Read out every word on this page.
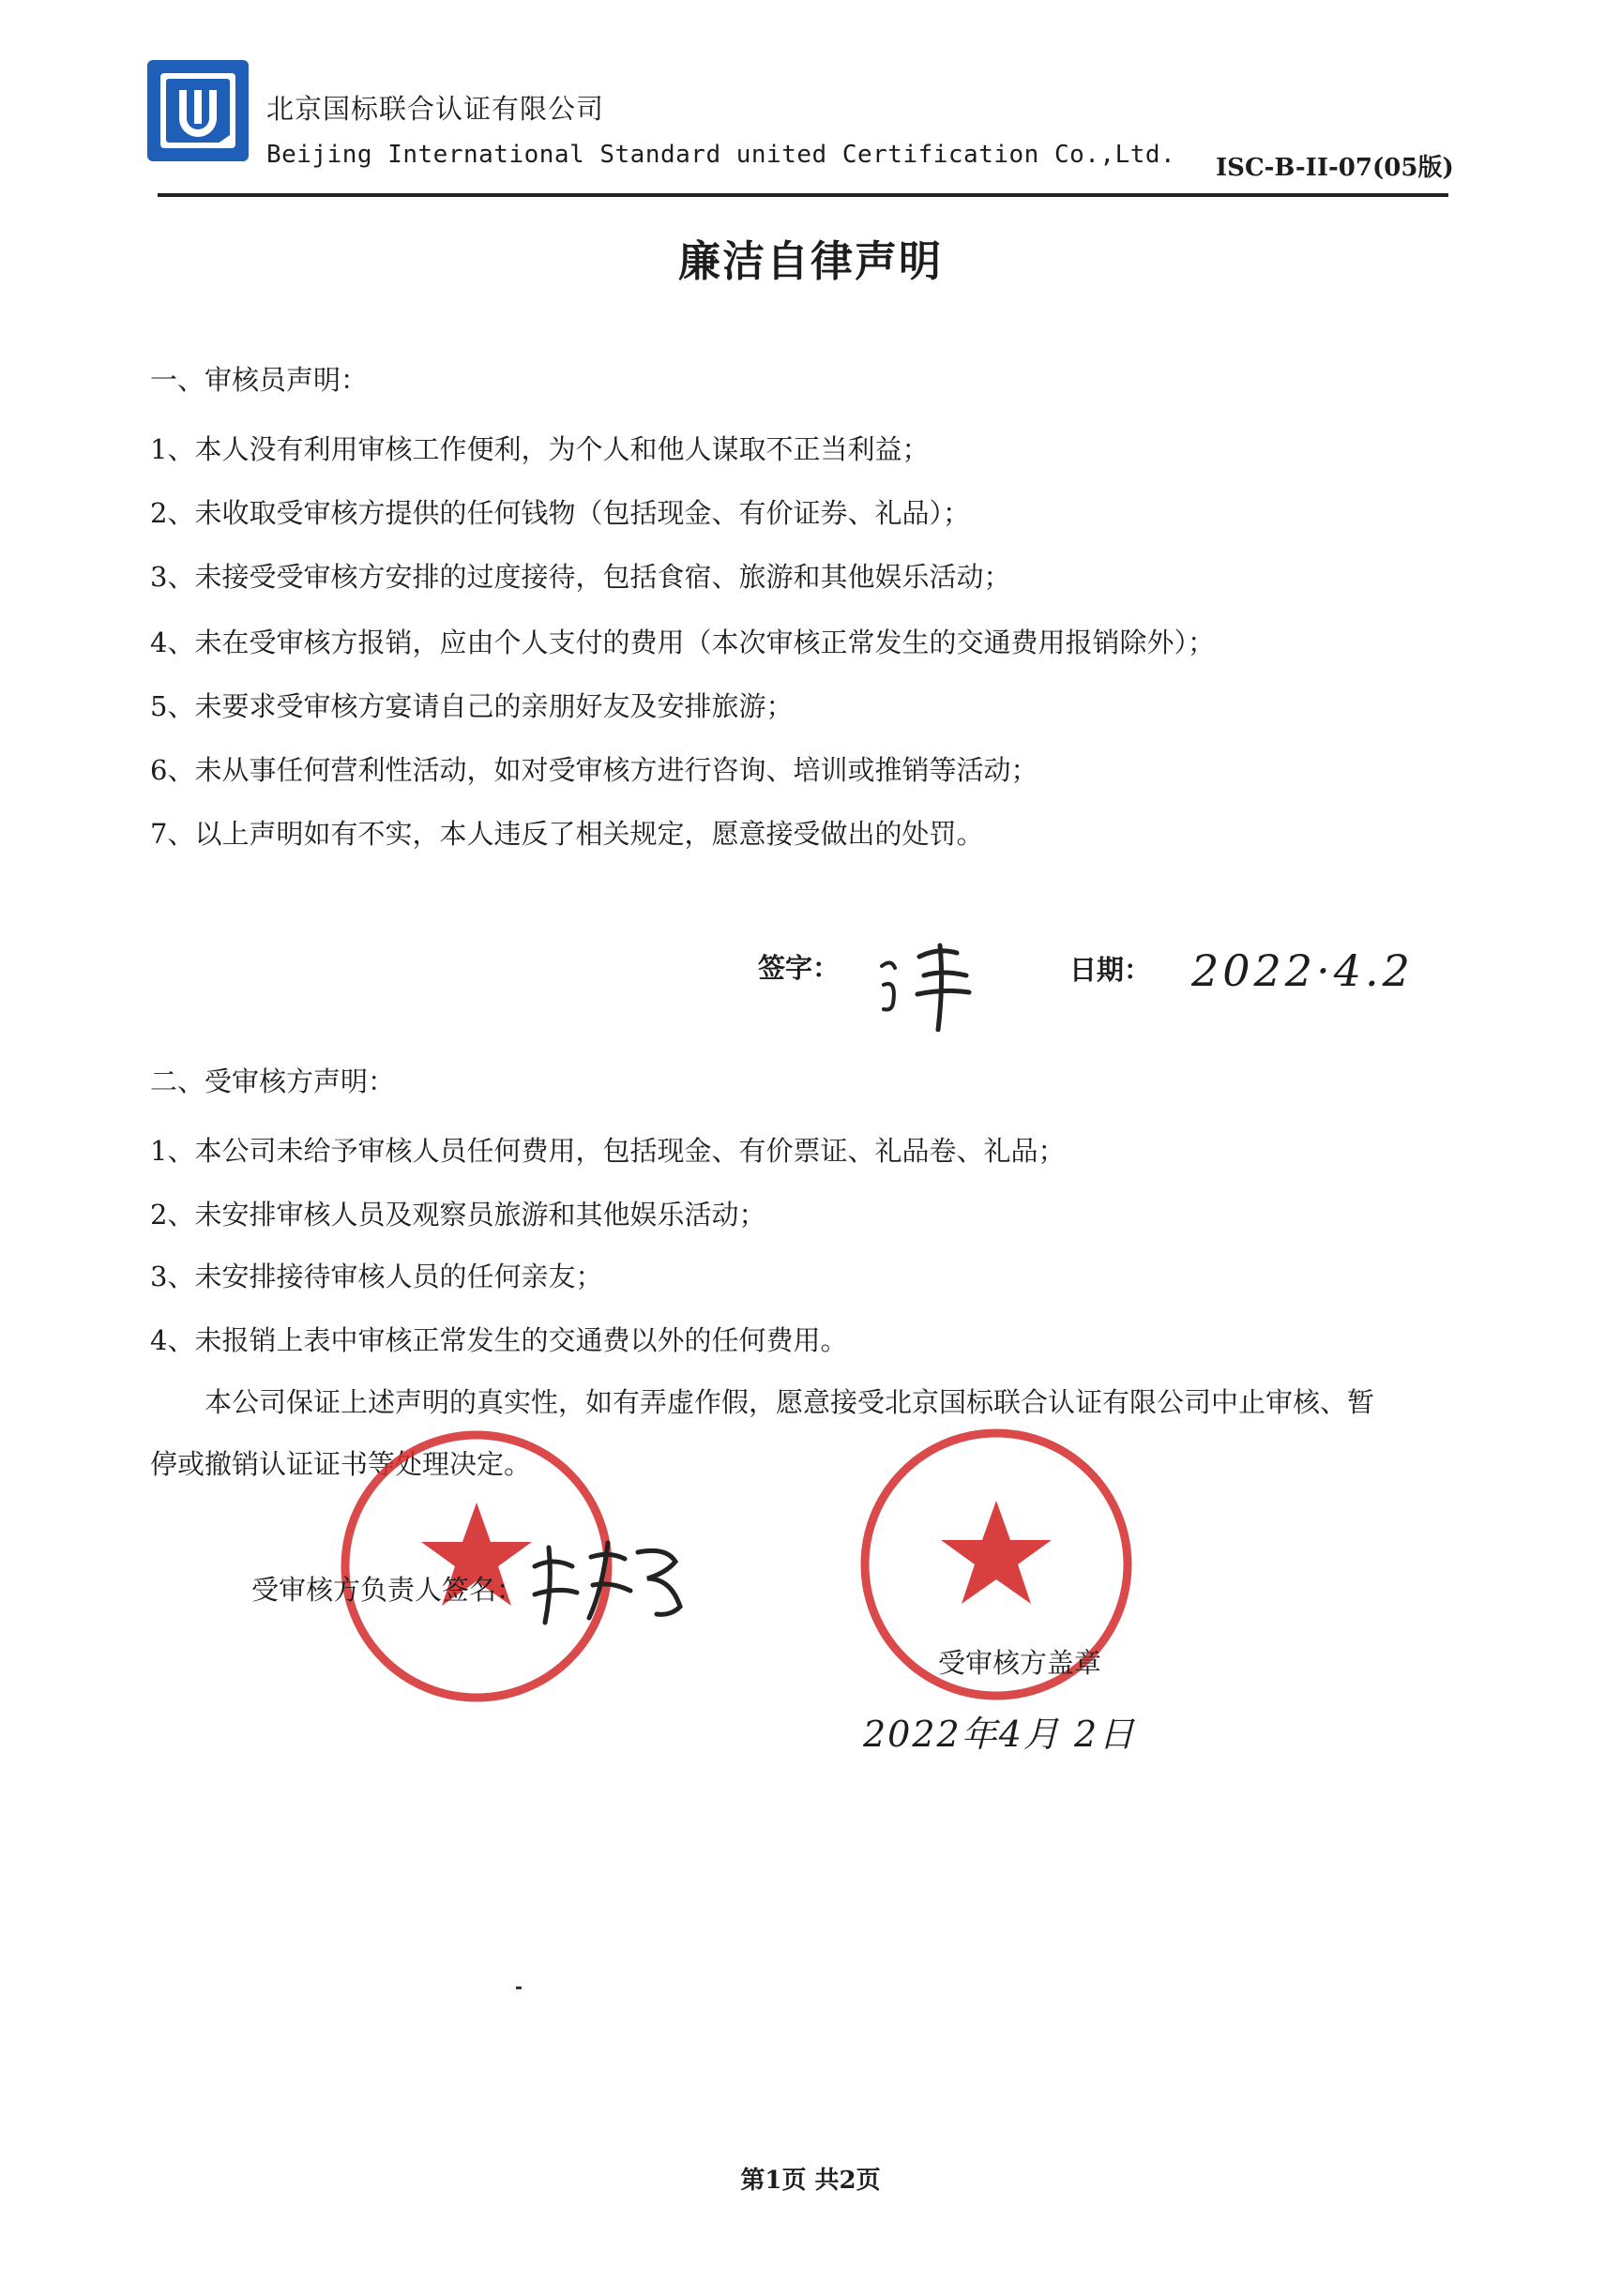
北京国标联合认证有限公司
Beijing International Standard united Certification Co.,Ltd. ISC-B-II-07(05版)
廉洁自律声明
一、审核员声明：
1、本人没有利用审核工作便利，为个人和他人谋取不正当利益；
2、未收取受审核方提供的任何钱物（包括现金、有价证券、礼品）；
3、未接受受审核方安排的过度接待，包括食宿、旅游和其他娱乐活动；
4、未在受审核方报销，应由个人支付的费用（本次审核正常发生的交通费用报销除外）；
5、未要求受审核方宴请自己的亲朋好友及安排旅游；
6、未从事任何营利性活动，如对受审核方进行咨询、培训或推销等活动；
7、以上声明如有不实，本人违反了相关规定，愿意接受做出的处罚。
签字：	日期： 2022·4.2
二、受审核方声明：
1、本公司未给予审核人员任何费用，包括现金、有价票证、礼品卷、礼品；
2、未安排审核人员及观察员旅游和其他娱乐活动；
3、未安排接待审核人员的任何亲友；
4、未报销上表中审核正常发生的交通费以外的任何费用。
本公司保证上述声明的真实性，如有弄虚作假，愿意接受北京国标联合认证有限公司中止审核、暂
停或撤销认证证书等处理决定。
受审核方负责人签名：
受审核方盖章
2022年4月 2日
第1页 共2页
